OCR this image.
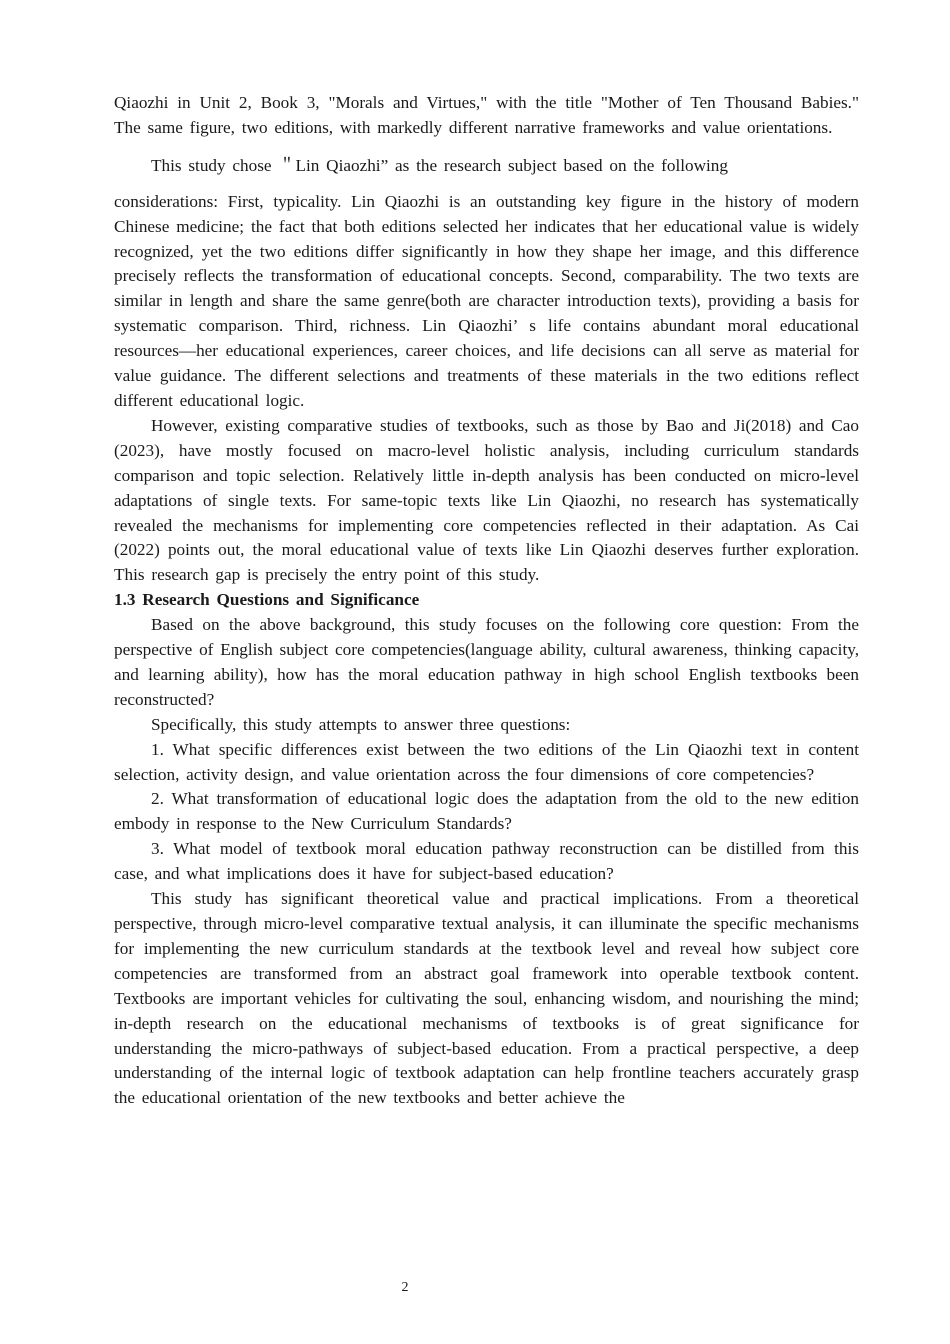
Qiaozhi in Unit 2, Book 3, "Morals and Virtues," with the title "Mother of Ten Thousand Babies." The same figure, two editions, with markedly different narrative frameworks and value orientations.

This study chose ＂Lin Qiaozhi” as the research subject based on the following

considerations: First, typicality. Lin Qiaozhi is an outstanding key figure in the history of modern Chinese medicine; the fact that both editions selected her indicates that her educational value is widely recognized, yet the two editions differ significantly in how they shape her image, and this difference precisely reflects the transformation of educational concepts. Second, comparability. The two texts are similar in length and share the same genre(both are character introduction texts), providing a basis for systematic comparison. Third, richness. Lin Qiaozhi’ s life contains abundant moral educational resources—her educational experiences, career choices, and life decisions can all serve as material for value guidance. The different selections and treatments of these materials in the two editions reflect different educational logic.

However, existing comparative studies of textbooks, such as those by Bao and Ji(2018) and Cao (2023), have mostly focused on macro-level holistic analysis, including curriculum standards comparison and topic selection. Relatively little in-depth analysis has been conducted on micro-level adaptations of single texts. For same-topic texts like Lin Qiaozhi, no research has systematically revealed the mechanisms for implementing core competencies reflected in their adaptation. As Cai (2022) points out, the moral educational value of texts like Lin Qiaozhi deserves further exploration. This research gap is precisely the entry point of this study.

1.3 Research Questions and Significance

Based on the above background, this study focuses on the following core question: From the perspective of English subject core competencies(language ability, cultural awareness, thinking capacity, and learning ability), how has the moral education pathway in high school English textbooks been reconstructed?

Specifically, this study attempts to answer three questions:

1. What specific differences exist between the two editions of the Lin Qiaozhi text in content selection, activity design, and value orientation across the four dimensions of core competencies?

2. What transformation of educational logic does the adaptation from the old to the new edition embody in response to the New Curriculum Standards?

3. What model of textbook moral education pathway reconstruction can be distilled from this case, and what implications does it have for subject-based education?

This study has significant theoretical value and practical implications. From a theoretical perspective, through micro-level comparative textual analysis, it can illuminate the specific mechanisms for implementing the new curriculum standards at the textbook level and reveal how subject core competencies are transformed from an abstract goal framework into operable textbook content. Textbooks are important vehicles for cultivating the soul, enhancing wisdom, and nourishing the mind; in-depth research on the educational mechanisms of textbooks is of great significance for understanding the micro-pathways of subject-based education. From a practical perspective, a deep understanding of the internal logic of textbook adaptation can help frontline teachers accurately grasp the educational orientation of the new textbooks and better achieve the

2
